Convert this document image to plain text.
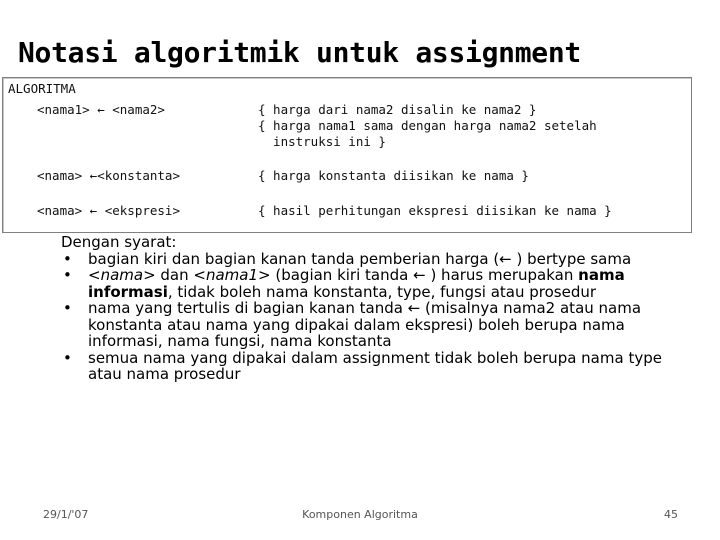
Notasi algoritmik untuk assignment
ALGORITMA
<nama1> ← <nama2>	{ harga dari nama2 disalin ke nama2 }
{ harga nama1 sama dengan harga nama2 setelah
instruksi ini }
<nama> ←<konstanta>	{ harga konstanta diisikan ke nama }
<nama> ← <ekspresi>	{ hasil perhitungan ekspresi diisikan ke nama }

Dengan syarat:

• bagian kiri dan bagian kanan tanda pemberian harga (← ) bertype sama
• <nama> dan <nama1> (bagian kiri tanda ← ) harus merupakan nama informasi, tidak boleh nama konstanta, type, fungsi atau prosedur
• nama yang tertulis di bagian kanan tanda ← (misalnya nama2 atau nama konstanta atau nama yang dipakai dalam ekspresi) boleh berupa nama informasi, nama fungsi, nama konstanta
• semua nama yang dipakai dalam assignment tidak boleh berupa nama type atau nama prosedur
29/1/'07	Komponen Algoritma	45
